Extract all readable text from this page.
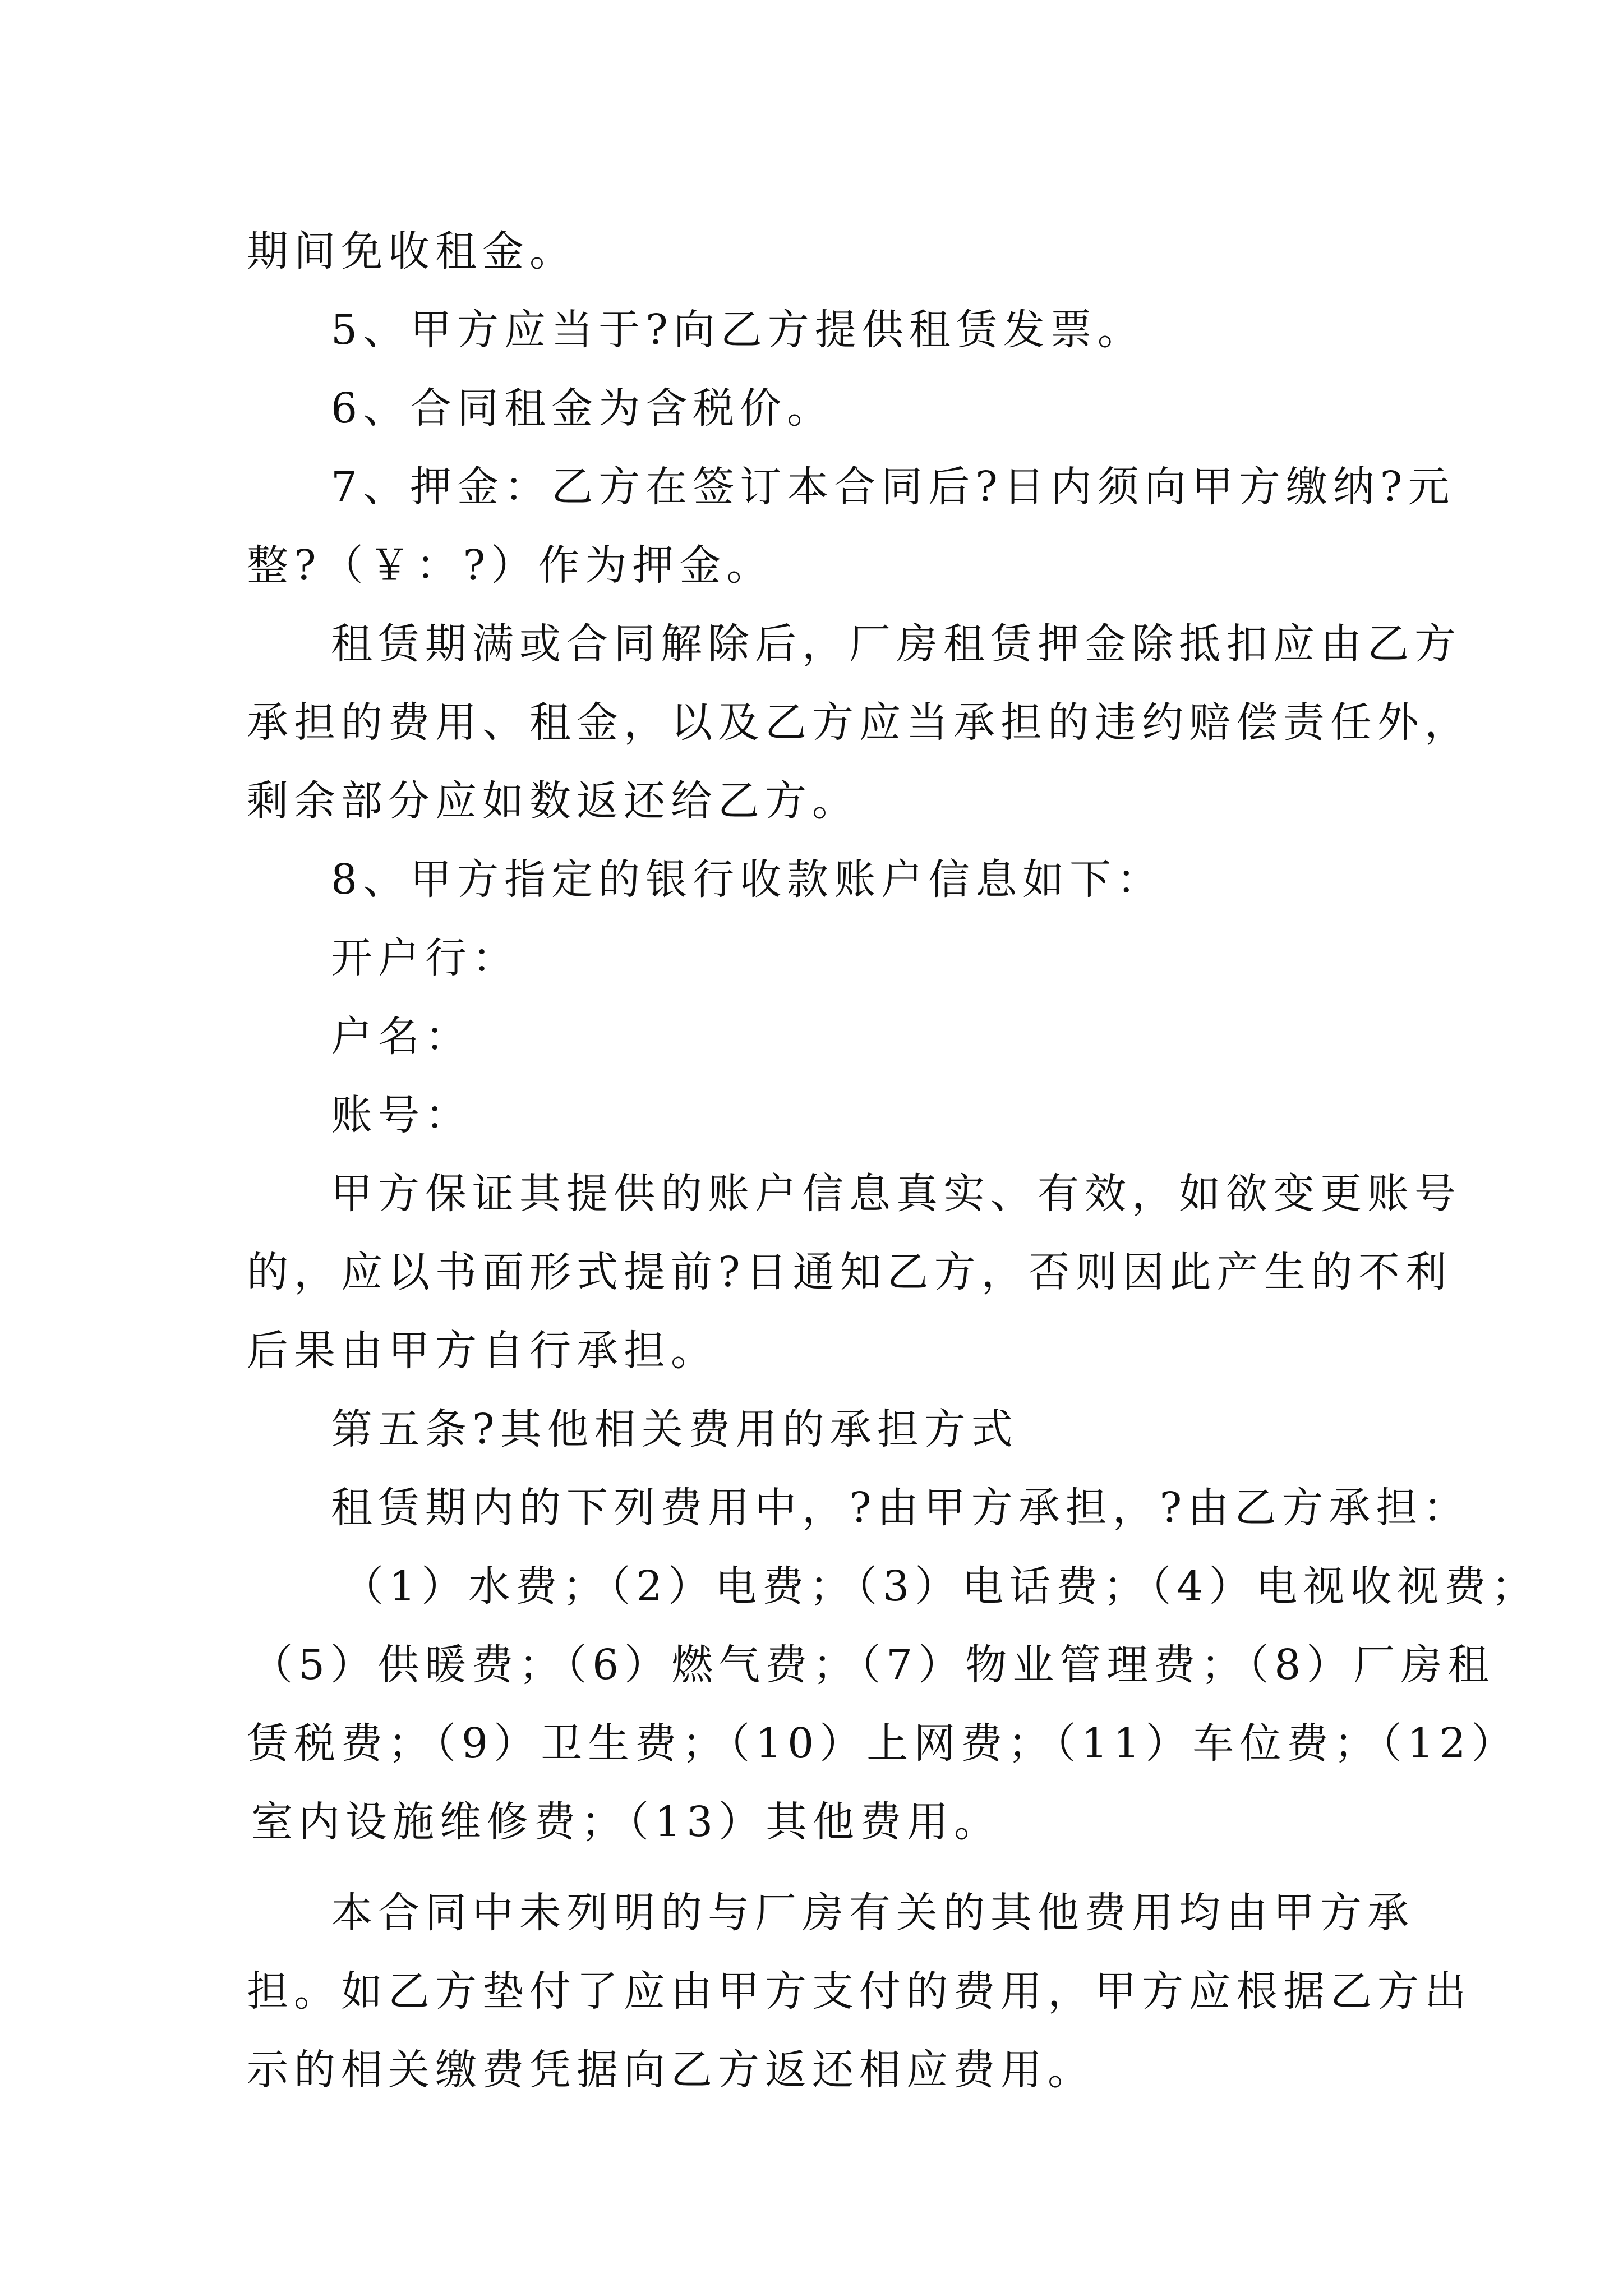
期间免收租金。
5、甲方应当于?向乙方提供租赁发票。
6、合同租金为含税价。
7、押金：乙方在签订本合同后?日内须向甲方缴纳?元
整?（￥：?）作为押金。
租赁期满或合同解除后，厂房租赁押金除抵扣应由乙方
承担的费用、租金，以及乙方应当承担的违约赔偿责任外，
剩余部分应如数返还给乙方。
8、甲方指定的银行收款账户信息如下：
开户行：
户名：
账号：
甲方保证其提供的账户信息真实、有效，如欲变更账号
的，应以书面形式提前?日通知乙方，否则因此产生的不利
后果由甲方自行承担。
第五条?其他相关费用的承担方式
租赁期内的下列费用中，?由甲方承担，?由乙方承担：
（1）水费；（2）电费；（3）电话费；（4）电视收视费；
（5）供暖费；（6）燃气费；（7）物业管理费；（8）厂房租
赁税费；（9）卫生费；（10）上网费；（11）车位费；（12）
室内设施维修费；（13）其他费用。
本合同中未列明的与厂房有关的其他费用均由甲方承
担。如乙方垫付了应由甲方支付的费用，甲方应根据乙方出
示的相关缴费凭据向乙方返还相应费用。
